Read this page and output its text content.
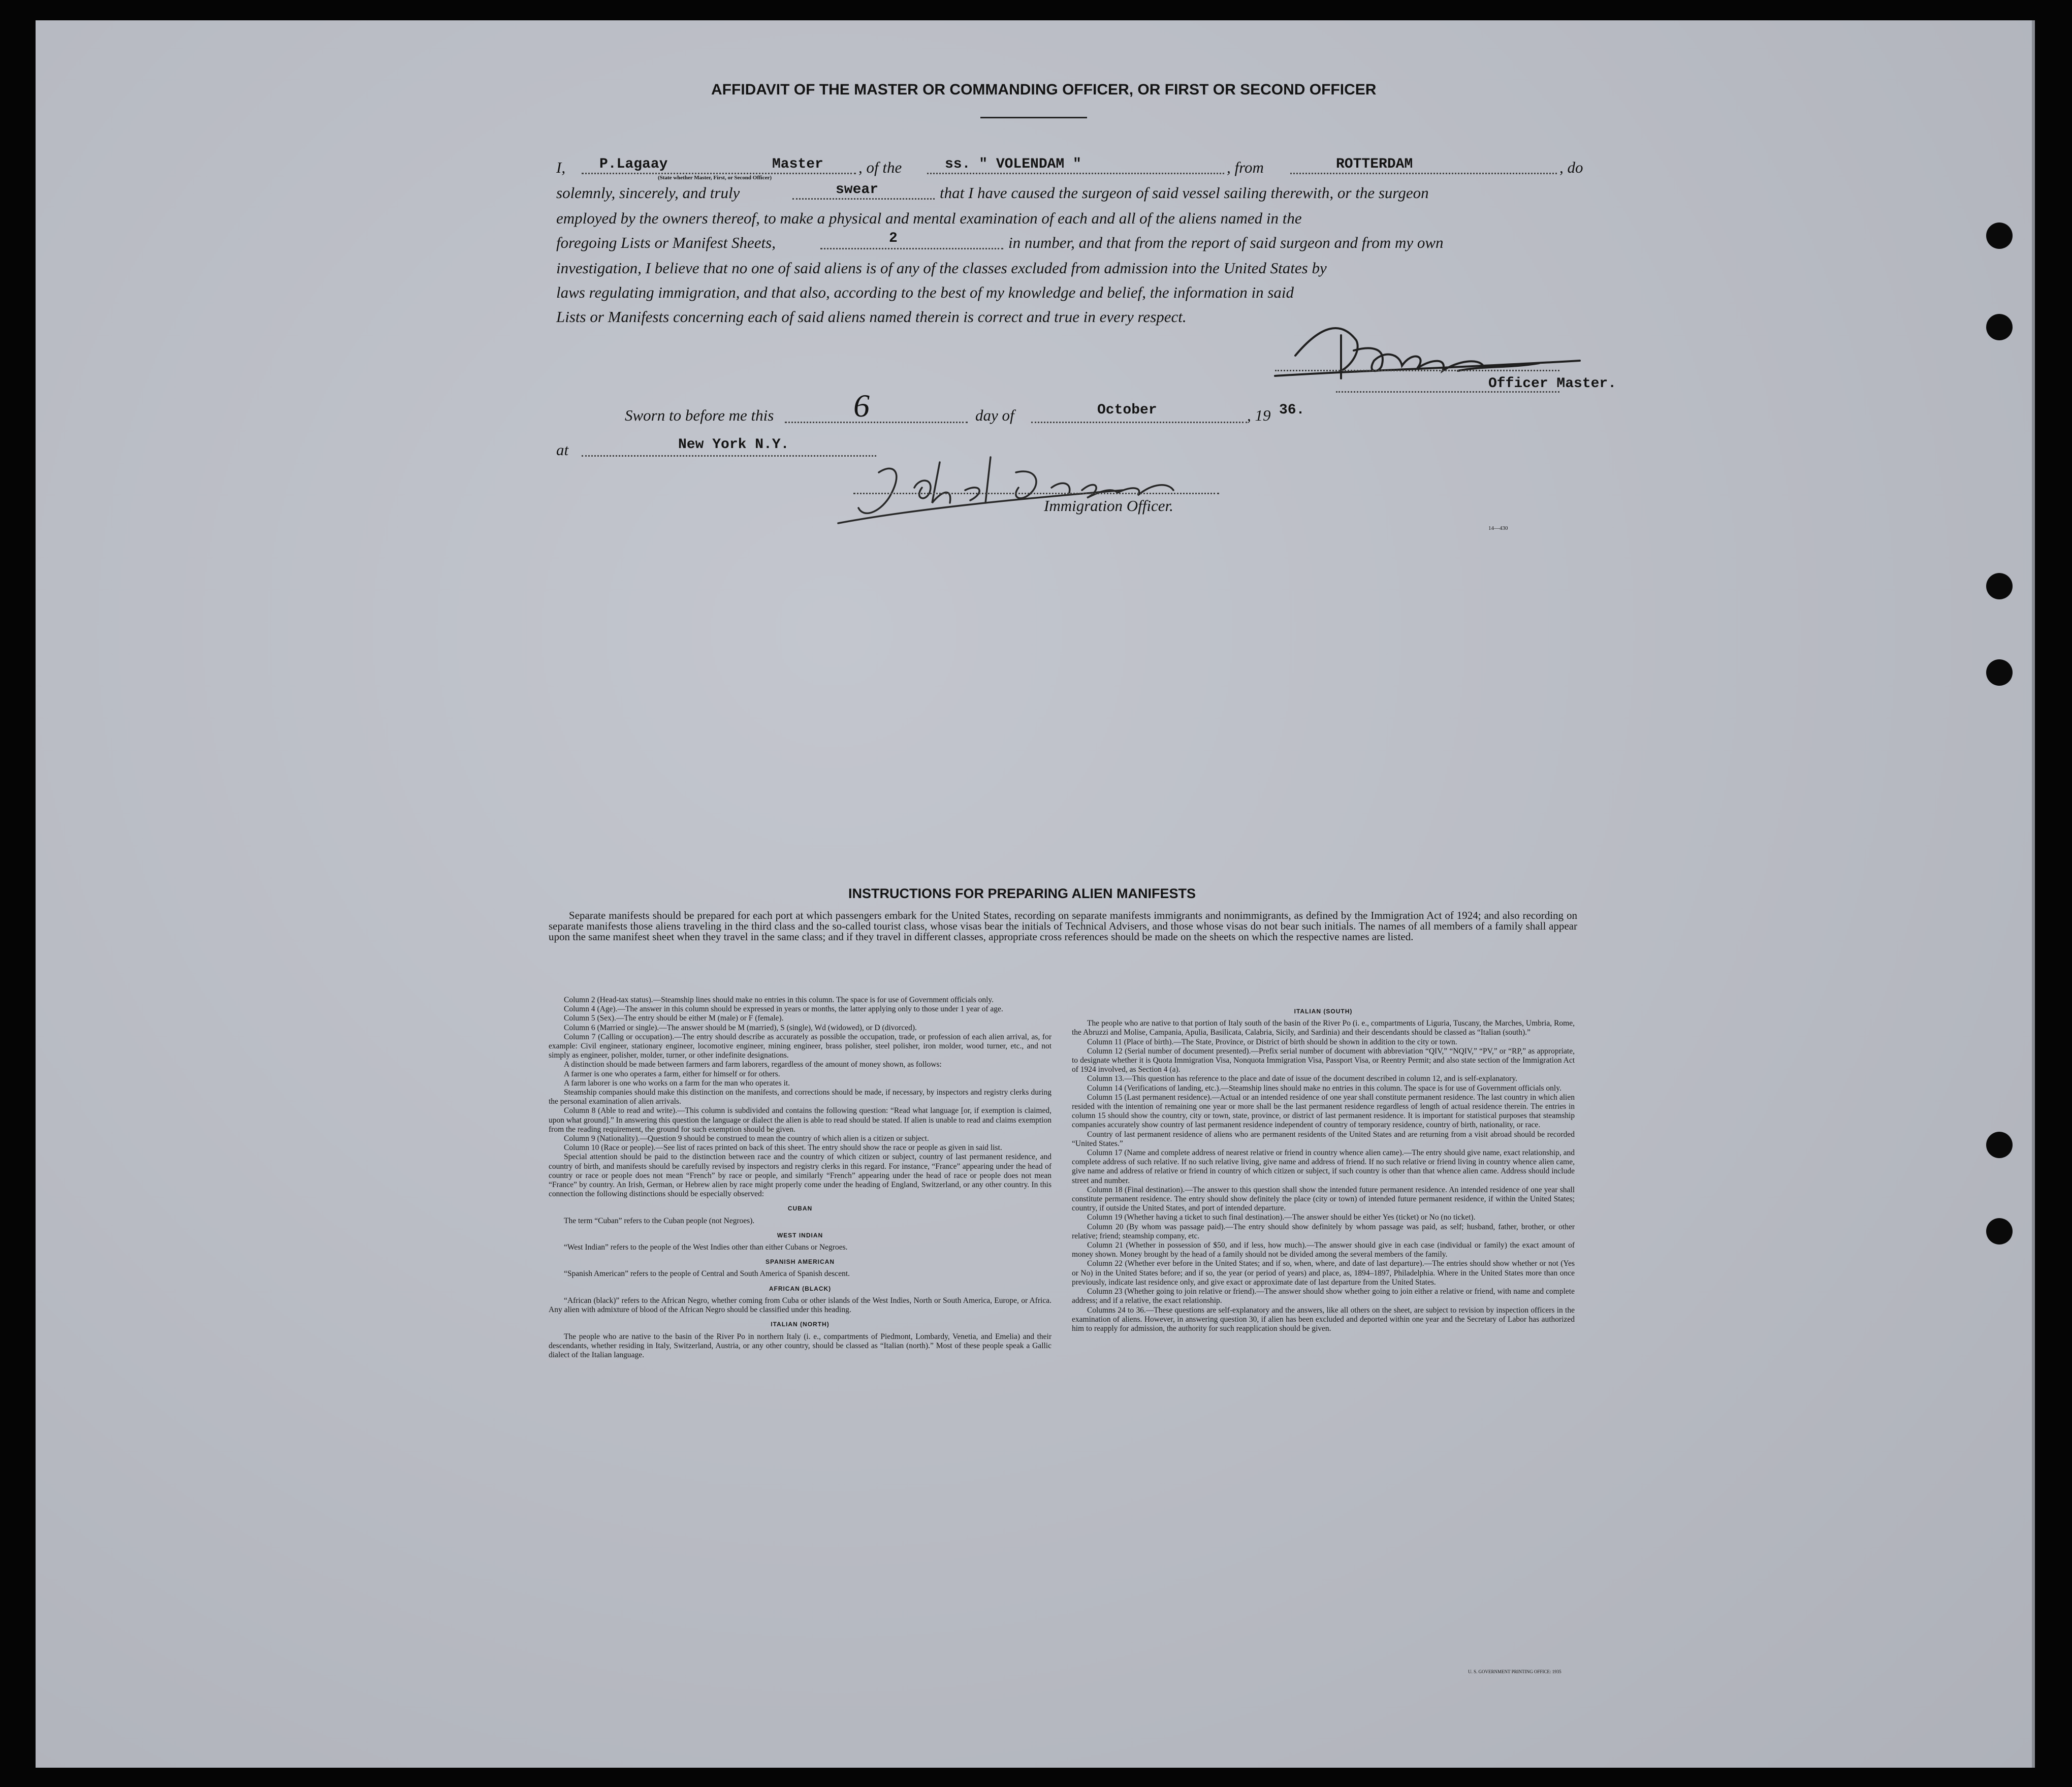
AFFIDAVIT OF THE MASTER OR COMMANDING OFFICER, OR FIRST OR SECOND OFFICER
I, P.Lagaay	Master
(State whether Master, First, or Second Officer)
, of the	ss. " VOLENDAM "	, from	ROTTERDAM	, do
solemnly, sincerely, and truly	swear	that I have caused the surgeon of said vessel sailing therewith, or the surgeon
employed by the owners thereof, to make a physical and mental examination of each and all of the aliens named in the
foregoing Lists or Manifest Sheets,	2	in number, and that from the report of said surgeon and from my own
investigation, I believe that no one of said aliens is of any of the classes excluded from admission into the United States by
laws regulating immigration, and that also, according to the best of my knowledge and belief, the information in said
Lists or Manifests concerning each of said aliens named therein is correct and true in every respect.
Officer Master.
Sworn to before me this 6	day of	October	, 19 36.
at	New York N.Y.
Immigration Officer.
14—430
INSTRUCTIONS FOR PREPARING ALIEN MANIFESTS

Separate manifests should be prepared for each port at which passengers embark for the United States, recording on separate manifests immigrants and nonimmigrants, as defined by the Immigration Act of 1924; and also recording on separate manifests those aliens traveling in the third class and the so-called tourist class, whose visas bear the initials of Technical Advisers, and those whose visas do not bear such initials. The names of all members of a family shall appear upon the same manifest sheet when they travel in the same class; and if they travel in different classes, appropriate cross references should be made on the sheets on which the respective names are listed.

Column 2 (Head-tax status).—Steamship lines should make no entries in this column. The space is for use of Government officials only.

Column 4 (Age).—The answer in this column should be expressed in years or months, the latter applying only to those under 1 year of age.

Column 5 (Sex).—The entry should be either M (male) or F (female).

Column 6 (Married or single).—The answer should be M (married), S (single), Wd (widowed), or D (divorced).

Column 7 (Calling or occupation).—The entry should describe as accurately as possible the occupation, trade, or profession of each alien arrival, as, for example: Civil engineer, stationary engineer, locomotive engineer, mining engineer, brass polisher, steel polisher, iron molder, wood turner, etc., and not simply as engineer, polisher, molder, turner, or other indefinite designations.

A distinction should be made between farmers and farm laborers, regardless of the amount of money shown, as follows:

A farmer is one who operates a farm, either for himself or for others.

A farm laborer is one who works on a farm for the man who operates it.

Steamship companies should make this distinction on the manifests, and corrections should be made, if necessary, by inspectors and registry clerks during the personal examination of alien arrivals.

Column 8 (Able to read and write).—This column is subdivided and contains the following question: “Read what language [or, if exemption is claimed, upon what ground].” In answering this question the language or dialect the alien is able to read should be stated. If alien is unable to read and claims exemption from the reading requirement, the ground for such exemption should be given.

Column 9 (Nationality).—Question 9 should be construed to mean the country of which alien is a citizen or subject.

Column 10 (Race or people).—See list of races printed on back of this sheet. The entry should show the race or people as given in said list.

Special attention should be paid to the distinction between race and the country of which citizen or subject, country of last permanent residence, and country of birth, and manifests should be carefully revised by inspectors and registry clerks in this regard. For instance, “France” appearing under the head of country or race or people does not mean “French” by race or people, and similarly “French” appearing under the head of race or people does not mean “France” by country. An Irish, German, or Hebrew alien by race might properly come under the heading of England, Switzerland, or any other country. In this connection the following distinctions should be especially observed:

CUBAN

The term “Cuban” refers to the Cuban people (not Negroes).

WEST INDIAN

“West Indian” refers to the people of the West Indies other than either Cubans or Negroes.

SPANISH AMERICAN

“Spanish American” refers to the people of Central and South America of Spanish descent.

AFRICAN (BLACK)

“African (black)” refers to the African Negro, whether coming from Cuba or other islands of the West Indies, North or South America, Europe, or Africa. Any alien with admixture of blood of the African Negro should be classified under this heading.

ITALIAN (NORTH)

The people who are native to the basin of the River Po in northern Italy (i. e., compartments of Piedmont, Lombardy, Venetia, and Emelia) and their descendants, whether residing in Italy, Switzerland, Austria, or any other country, should be classed as “Italian (north).” Most of these people speak a Gallic dialect of the Italian language.

ITALIAN (SOUTH)

The people who are native to that portion of Italy south of the basin of the River Po (i. e., compartments of Liguria, Tuscany, the Marches, Umbria, Rome, the Abruzzi and Molise, Campania, Apulia, Basilicata, Calabria, Sicily, and Sardinia) and their descendants should be classed as “Italian (south).”

Column 11 (Place of birth).—The State, Province, or District of birth should be shown in addition to the city or town.

Column 12 (Serial number of document presented).—Prefix serial number of document with abbreviation “QIV,” “NQIV,” “PV,” or “RP,” as appropriate, to designate whether it is Quota Immigration Visa, Nonquota Immigration Visa, Passport Visa, or Reentry Permit; and also state section of the Immigration Act of 1924 involved, as Section 4 (a).

Column 13.—This question has reference to the place and date of issue of the document described in column 12, and is self-explanatory.

Column 14 (Verifications of landing, etc.).—Steamship lines should make no entries in this column. The space is for use of Government officials only.

Column 15 (Last permanent residence).—Actual or an intended residence of one year shall constitute permanent residence. The last country in which alien resided with the intention of remaining one year or more shall be the last permanent residence regardless of length of actual residence therein. The entries in column 15 should show the country, city or town, state, province, or district of last permanent residence. It is important for statistical purposes that steamship companies accurately show country of last permanent residence independent of country of temporary residence, country of birth, nationality, or race.

Country of last permanent residence of aliens who are permanent residents of the United States and are returning from a visit abroad should be recorded “United States.”

Column 17 (Name and complete address of nearest relative or friend in country whence alien came).—The entry should give name, exact relationship, and complete address of such relative. If no such relative living, give name and address of friend. If no such relative or friend living in country whence alien came, give name and address of relative or friend in country of which citizen or subject, if such country is other than that whence alien came. Address should include street and number.

Column 18 (Final destination).—The answer to this question shall show the intended future permanent residence. An intended residence of one year shall constitute permanent residence. The entry should show definitely the place (city or town) of intended future permanent residence, if within the United States; country, if outside the United States, and port of intended departure.

Column 19 (Whether having a ticket to such final destination).—The answer should be either Yes (ticket) or No (no ticket).

Column 20 (By whom was passage paid).—The entry should show definitely by whom passage was paid, as self; husband, father, brother, or other relative; friend; steamship company, etc.

Column 21 (Whether in possession of $50, and if less, how much).—The answer should give in each case (individual or family) the exact amount of money shown. Money brought by the head of a family should not be divided among the several members of the family.

Column 22 (Whether ever before in the United States; and if so, when, where, and date of last departure).—The entries should show whether or not (Yes or No) in the United States before; and if so, the year (or period of years) and place, as, 1894–1897, Philadelphia. Where in the United States more than once previously, indicate last residence only, and give exact or approximate date of last departure from the United States.

Column 23 (Whether going to join relative or friend).—The answer should show whether going to join either a relative or friend, with name and complete address; and if a relative, the exact relationship.

Columns 24 to 36.—These questions are self-explanatory and the answers, like all others on the sheet, are subject to revision by inspection officers in the examination of aliens. However, in answering question 30, if alien has been excluded and deported within one year and the Secretary of Labor has authorized him to reapply for admission, the authority for such reapplication should be given.

U. S. GOVERNMENT PRINTING OFFICE: 1935
